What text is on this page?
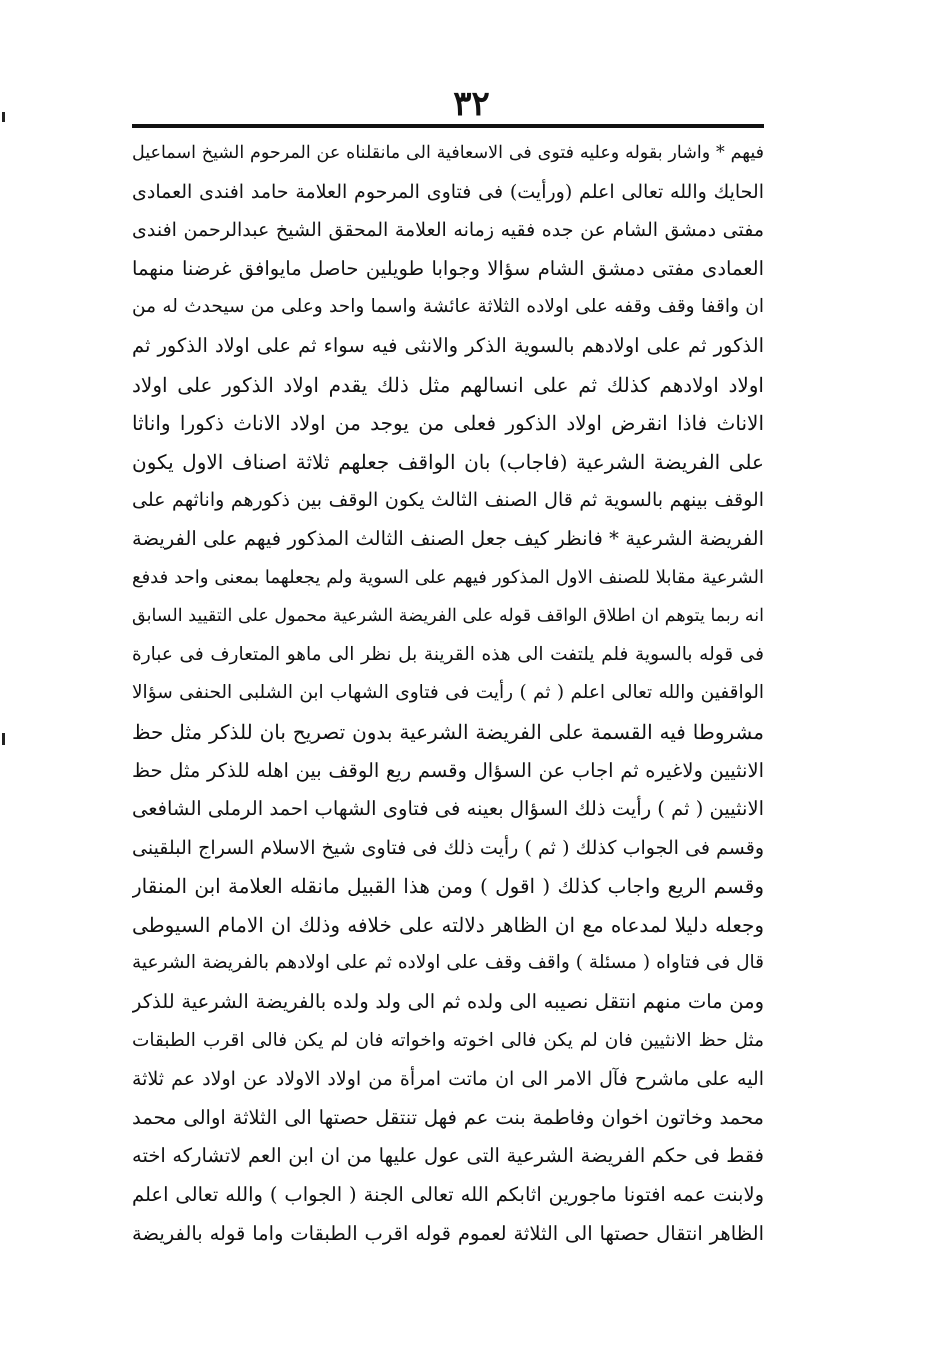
٣٢
فيهم * واشار بقوله وعليه فتوى فى الاسعافية الى مانقلناه عن المرحوم الشيخ اسماعيل
الحايك والله تعالى اعلم (ورأيت) فى فتاوى المرحوم العلامة حامد افندى العمادى
مفتى دمشق الشام عن جده فقيه زمانه العلامة المحقق الشيخ عبدالرحمن افندى
العمادى مفتى دمشق الشام سؤالا وجوابا طويلين حاصل مايوافق غرضنا منهما
ان واقفا وقف وقفه على اولاده الثلاثة عائشة واسما واحد وعلى من سيحدث له من
الذكور ثم على اولادهم بالسوية الذكر والانثى فيه سواء ثم على اولاد الذكور ثم
اولاد اولادهم كذلك ثم على انسالهم مثل ذلك يقدم اولاد الذكور على اولاد
الاناث فاذا انقرض اولاد الذكور فعلى من يوجد من اولاد الاناث ذكورا واناثا
على الفريضة الشرعية (فاجاب) بان الواقف جعلهم ثلاثة اصناف الاول يكون
الوقف بينهم بالسوية ثم قال الصنف الثالث يكون الوقف بين ذكورهم واناثهم على
الفريضة الشرعية * فانظر كيف جعل الصنف الثالث المذكور فيهم على الفريضة
الشرعية مقابلا للصنف الاول المذكور فيهم على السوية ولم يجعلهما بمعنى واحد فدفع
انه ربما يتوهم ان اطلاق الواقف قوله على الفريضة الشرعية محمول على التقييد السابق
فى قوله بالسوية فلم يلتفت الى هذه القرينة بل نظر الى ماهو المتعارف فى عبارة
الواقفين والله تعالى اعلم ( ثم ) رأيت فى فتاوى الشهاب ابن الشلبى الحنفى سؤالا
مشروطا فيه القسمة على الفريضة الشرعية بدون تصريح بان للذكر مثل حظ
الانثيين ولاغيره ثم اجاب عن السؤال وقسم ريع الوقف بين اهله للذكر مثل حظ
الانثيين ( ثم ) رأيت ذلك السؤال بعينه فى فتاوى الشهاب احمد الرملى الشافعى
وقسم فى الجواب كذلك ( ثم ) رأيت ذلك فى فتاوى شيخ الاسلام السراج البلقينى
وقسم الريع واجاب كذلك ( اقول ) ومن هذا القبيل مانقله العلامة ابن المنقار
وجعله دليلا لمدعاه مع ان الظاهر دلالته على خلافه وذلك ان الامام السيوطى
قال فى فتاواه ( مسئلة ) واقف وقف على اولاده ثم على اولادهم بالفريضة الشرعية
ومن مات منهم انتقل نصيبه الى ولده ثم الى ولد ولده بالفريضة الشرعية للذكر
مثل حظ الانثيين فان لم يكن فالى اخوته واخواته فان لم يكن فالى اقرب الطبقات
اليه على ماشرح فآل الامر الى ان ماتت امرأة من اولاد الاولاد عن اولاد عم ثلاثة
محمد وخاتون اخوان وفاطمة بنت عم فهل تنتقل حصتها الى الثلاثة اوالى محمد
فقط فى حكم الفريضة الشرعية التى عول عليها من ان ابن العم لاتشاركه اخته
ولابنت عمه افتونا ماجورين اثابكم الله تعالى الجنة ( الجواب ) والله تعالى اعلم
الظاهر انتقال حصتها الى الثلاثة لعموم قوله اقرب الطبقات واما قوله بالفريضة
